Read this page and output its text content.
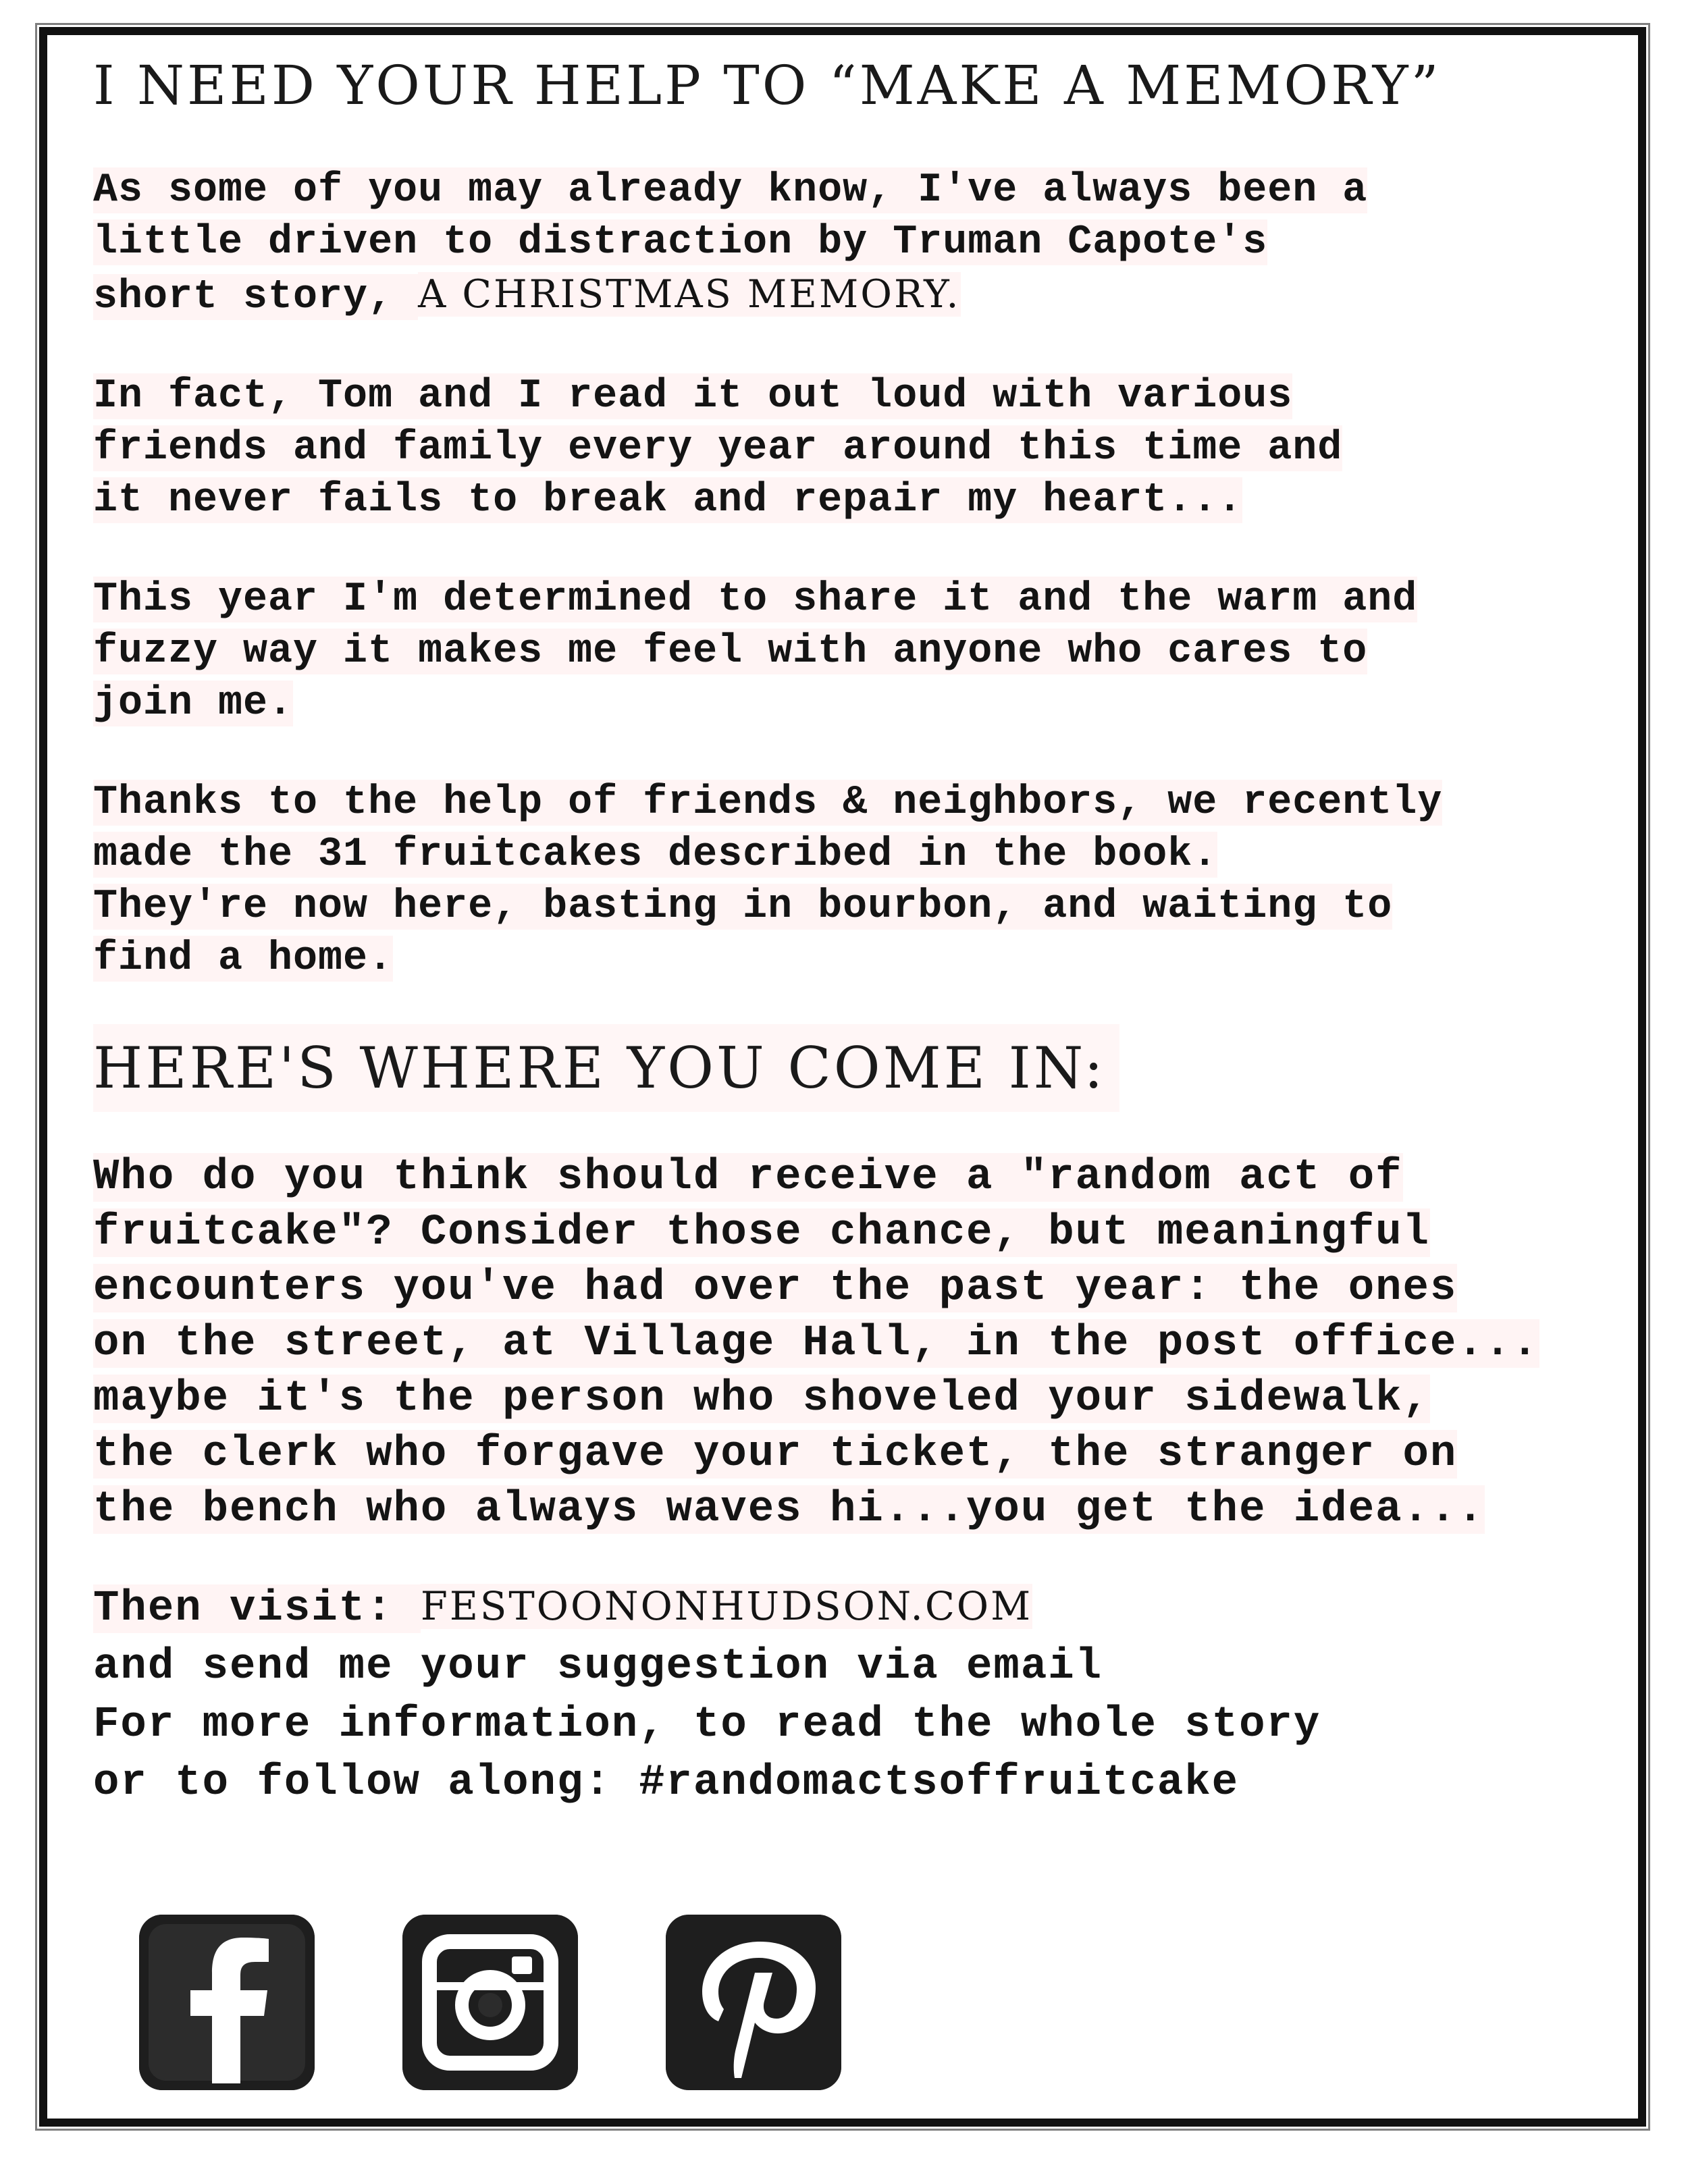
I NEED YOUR HELP TO “MAKE A MEMORY”

As some of you may already know, I've always been a
little driven to distraction by Truman Capote's
short story, A CHRISTMAS MEMORY.

In fact, Tom and I read it out loud with various
friends and family every year around this time and
it never fails to break and repair my heart...

This year I'm determined to share it and the warm and
fuzzy way it makes me feel with anyone who cares to
join me.

Thanks to the help of friends & neighbors, we recently
made the 31 fruitcakes described in the book.
They're now here, basting in bourbon, and waiting to
find a home.

HERE'S WHERE YOU COME IN:

Who do you think should receive a "random act of
fruitcake"? Consider those chance, but meaningful
encounters you've had over the past year: the ones
on the street, at Village Hall, in the post office...
maybe it's the person who shoveled your sidewalk,
the clerk who forgave your ticket, the stranger on
the bench who always waves hi...you get the idea...

Then visit: FESTOONONHUDSON.COM
and send me your suggestion via email
For more information, to read the whole story
or to follow along: #randomactsoffruitcake
